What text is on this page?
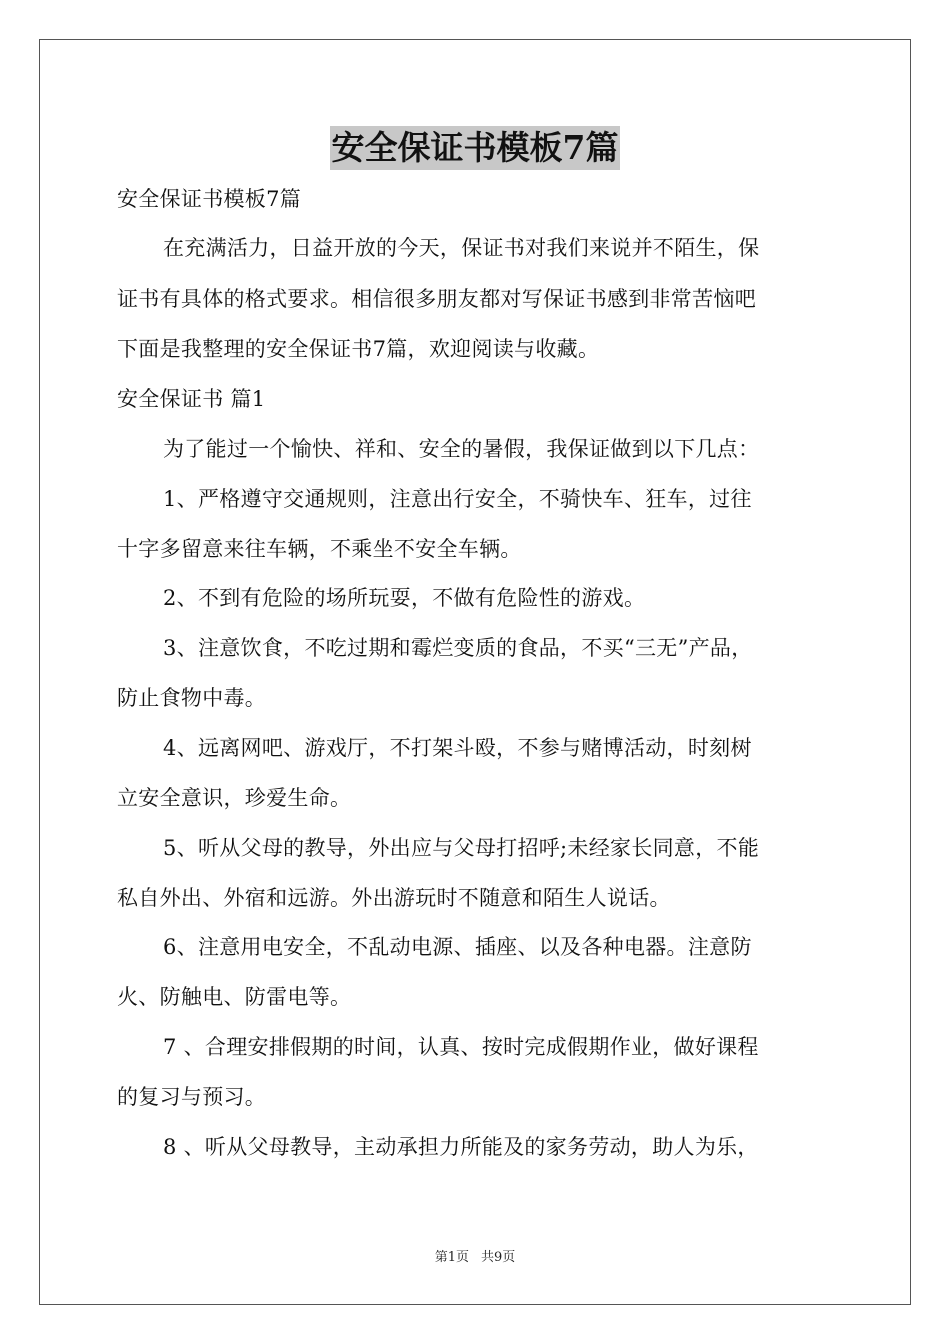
安全保证书模板7篇
安全保证书模板7篇
在充满活力，日益开放的今天，保证书对我们来说并不陌生，保
证书有具体的格式要求。相信很多朋友都对写保证书感到非常苦恼吧
下面是我整理的安全保证书7篇，欢迎阅读与收藏。
安全保证书 篇1
为了能过一个愉快、祥和、安全的暑假，我保证做到以下几点：
1、严格遵守交通规则，注意出行安全，不骑快车、狂车，过往
十字多留意来往车辆，不乘坐不安全车辆。
2、不到有危险的场所玩耍，不做有危险性的游戏。
3、注意饮食，不吃过期和霉烂变质的食品，不买“三无”产品，
防止食物中毒。
4、远离网吧、游戏厅，不打架斗殴，不参与赌博活动，时刻树
立安全意识，珍爱生命。
5、听从父母的教导，外出应与父母打招呼;未经家长同意，不能
私自外出、外宿和远游。外出游玩时不随意和陌生人说话。
6、注意用电安全，不乱动电源、插座、以及各种电器。注意防
火、防触电、防雷电等。
7 、合理安排假期的时间，认真、按时完成假期作业，做好课程
的复习与预习。
8 、听从父母教导，主动承担力所能及的家务劳动，助人为乐，
第1页 共9页
